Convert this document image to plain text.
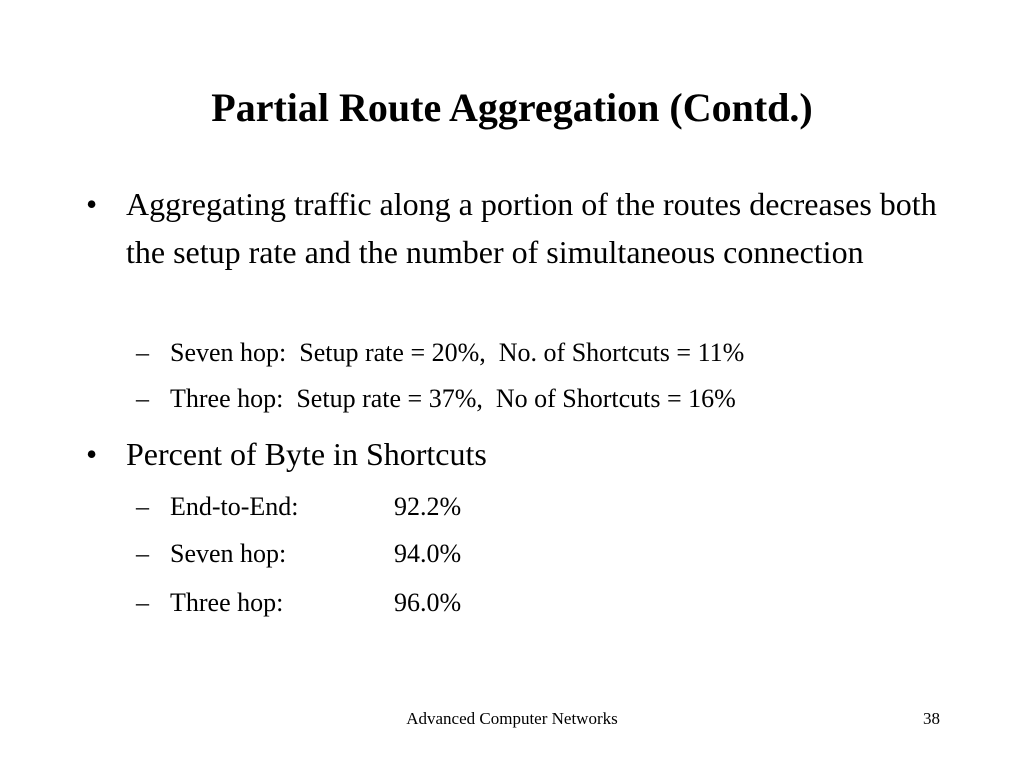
Partial Route Aggregation (Contd.)
• Aggregating traffic along a portion of the routes decreases both the setup rate and the number of simultaneous connection
– Seven hop:  Setup rate = 20%,  No. of Shortcuts = 11%
– Three hop:  Setup rate = 37%,  No of Shortcuts = 16%
• Percent of Byte in Shortcuts
– End-to-End:	92.2%
– Seven hop:	94.0%
– Three hop:	96.0%
Advanced Computer Networks	38
